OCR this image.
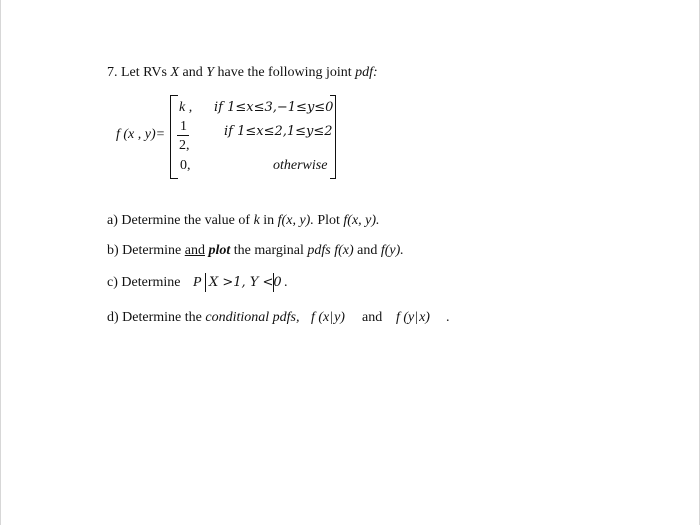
7. Let RVs X and Y have the following joint pdf:
f (x , y)=
k , if 1≤x≤3,−1≤y≤0
1
2,
if 1≤x≤2,1≤y≤2
0,	otherwise
a) Determine the value of k in f(x, y). Plot f(x, y).
b) Determine and plot the marginal pdfs f(x) and f(y).
c) Determine P X >1, Y <0 .
d) Determine the conditional pdfs, f (x|y) and f (y|x) .
